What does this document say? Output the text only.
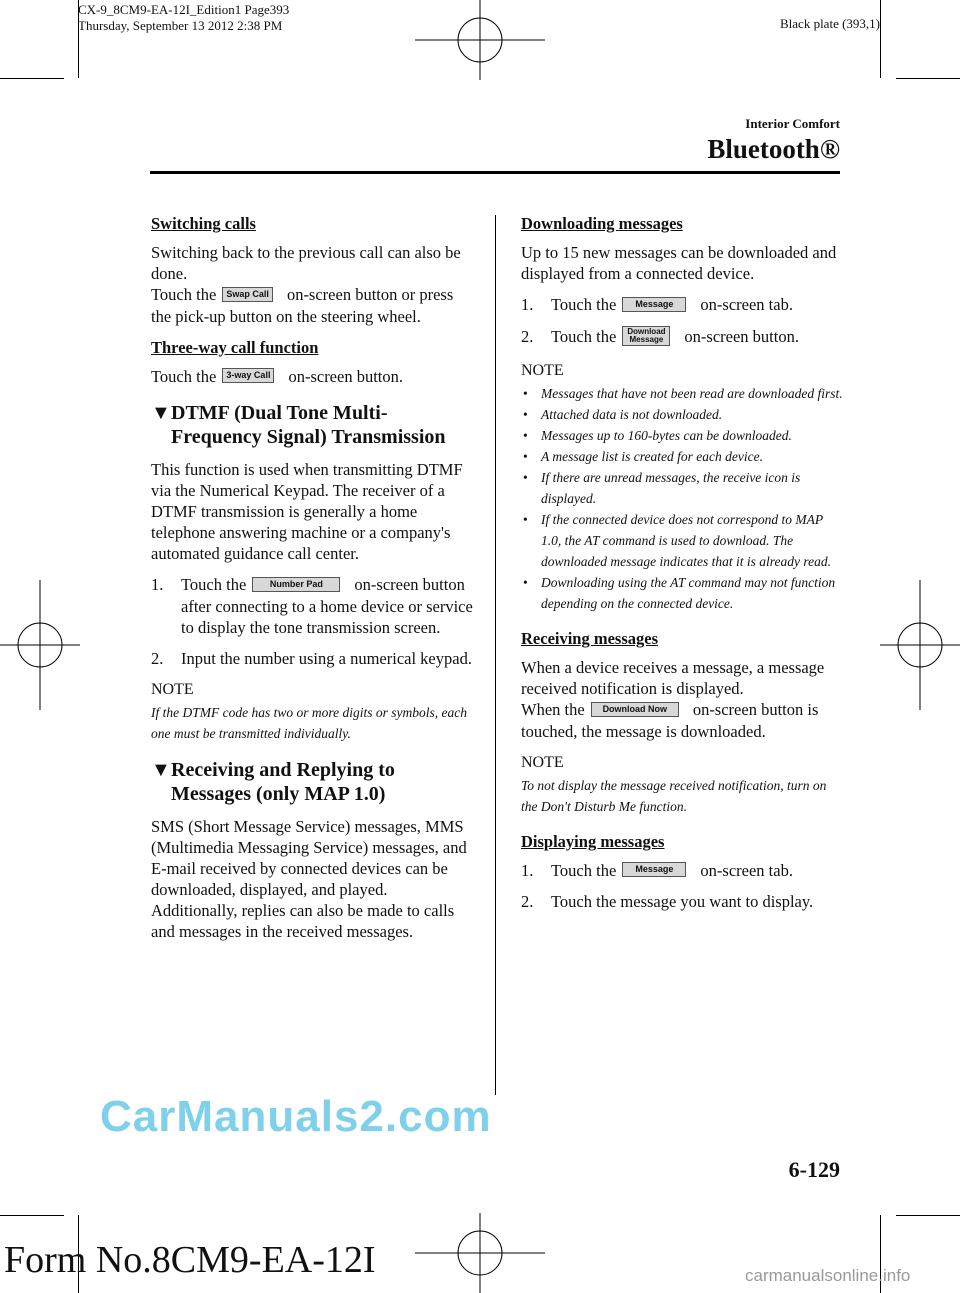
CX-9_8CM9-EA-12I_Edition1 Page393
Thursday, September 13 2012 2:38 PM	Black plate (393,1)
Interior Comfort
Bluetooth®
Switching calls
Switching back to the previous call can also be done.
Touch the Swap Call on-screen button or press the pick-up button on the steering wheel.
Three-way call function

Touch the 3-way Call on-screen button.

▼ DTMF (Dual Tone Multi-Frequency Signal) Transmission

This function is used when transmitting DTMF via the Numerical Keypad. The receiver of a DTMF transmission is generally a home telephone answering machine or a company's automated guidance call center.

1. Touch the	Number Pad on-screen button after connecting to a home device or service to display the tone transmission screen.
2. Input the number using a numerical keypad.
NOTE
If the DTMF code has two or more digits or symbols, each one must be transmitted individually.
▼ Receiving and Replying to Messages (only MAP 1.0)

SMS (Short Message Service) messages, MMS (Multimedia Messaging Service) messages, and E-mail received by connected devices can be downloaded, displayed, and played. Additionally, replies can also be made to calls and messages in the received messages.

Downloading messages

Up to 15 new messages can be downloaded and displayed from a connected device.

1. Touch the Message on-screen tab.
2. Touch the Download
Message on-screen button.
NOTE
• Messages that have not been read are downloaded first.
• Attached data is not downloaded.
• Messages up to 160-bytes can be downloaded.
• A message list is created for each device.
• If there are unread messages, the receive icon is displayed.
• If the connected device does not correspond to MAP 1.0, the AT command is used to download. The downloaded message indicates that it is already read.
• Downloading using the AT command may not function depending on the connected device.
Receiving messages
When a device receives a message, a message received notification is displayed.
When the Download Now on-screen button is touched, the message is downloaded.
NOTE
To not display the message received notification, turn on the Don't Disturb Me function.
Displaying messages
1. Touch the Message on-screen tab.
2. Touch the message you want to display.
CarManuals2.com
6-129
Form No.8CM9-EA-12I	carmanualsonline.info
